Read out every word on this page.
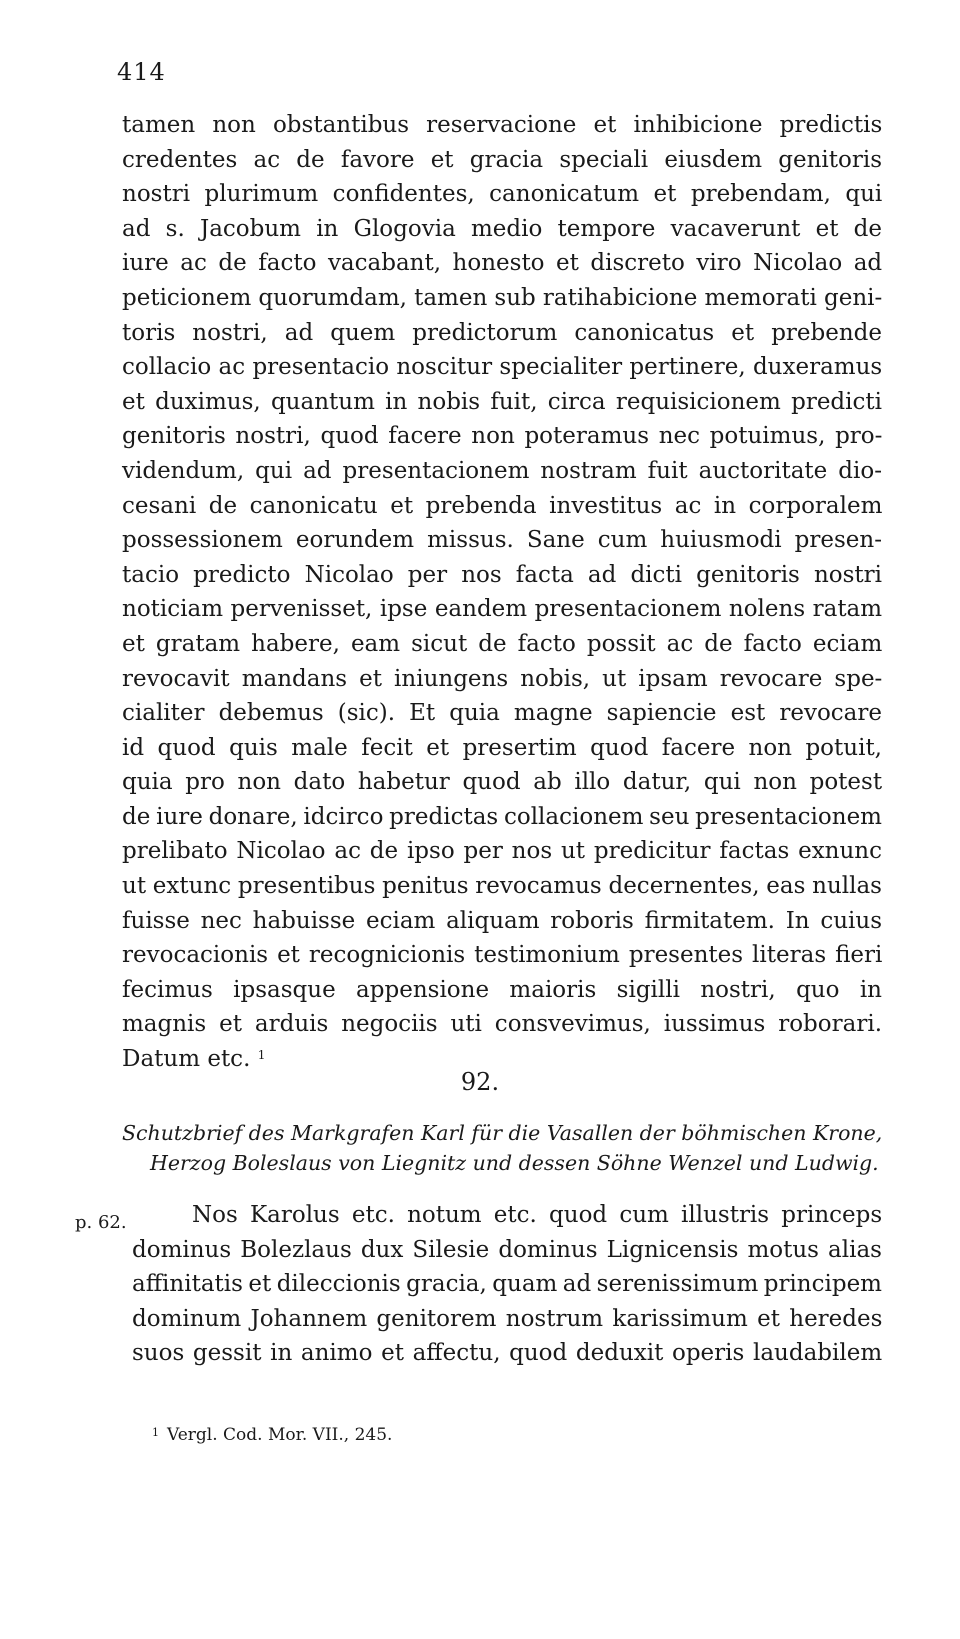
414
tamen non obstantibus reservacione et inhibicione predictis
credentes ac de favore et gracia speciali eiusdem genitoris
nostri plurimum confidentes, canonicatum et prebendam, qui
ad s. Jacobum in Glogovia medio tempore vacaverunt et de
iure ac de facto vacabant, honesto et discreto viro Nicolao ad
peticionem quorumdam, tamen sub ratihabicione memorati geni-
toris nostri, ad quem predictorum canonicatus et prebende
collacio ac presentacio noscitur specialiter pertinere, duxeramus
et duximus, quantum in nobis fuit, circa requisicionem predicti
genitoris nostri, quod facere non poteramus nec potuimus, pro-
videndum, qui ad presentacionem nostram fuit auctoritate dio-
cesani de canonicatu et prebenda investitus ac in corporalem
possessionem eorundem missus. Sane cum huiusmodi presen-
tacio predicto Nicolao per nos facta ad dicti genitoris nostri
noticiam pervenisset, ipse eandem presentacionem nolens ratam
et gratam habere, eam sicut de facto possit ac de facto eciam
revocavit mandans et iniungens nobis, ut ipsam revocare spe-
cialiter debemus (sic). Et quia magne sapiencie est revocare
id quod quis male fecit et presertim quod facere non potuit,
quia pro non dato habetur quod ab illo datur, qui non potest
de iure donare, idcirco predictas collacionem seu presentacionem
prelibato Nicolao ac de ipso per nos ut predicitur factas exnunc
ut extunc presentibus penitus revocamus decernentes, eas nullas
fuisse nec habuisse eciam aliquam roboris firmitatem. In cuius
revocacionis et recognicionis testimonium presentes literas fieri
fecimus ipsasque appensione maioris sigilli nostri, quo in
magnis et arduis negociis uti consvevimus, iussimus roborari.
Datum etc. $^1$
92.
Schutzbrief des Markgrafen Karl für die Vasallen der böhmischen Krone,
Herzog Boleslaus von Liegnitz und dessen Söhne Wenzel und Ludwig.
p. 62.	Nos Karolus etc. notum etc. quod cum illustris princeps
dominus Bolezlaus dux Silesie dominus Lignicensis motus alias
affinitatis et dileccionis gracia, quam ad serenissimum principem
dominum Johannem genitorem nostrum karissimum et heredes
suos gessit in animo et affectu, quod deduxit operis laudabilem
$^1$ Vergl. Cod. Mor. VII., 245.
